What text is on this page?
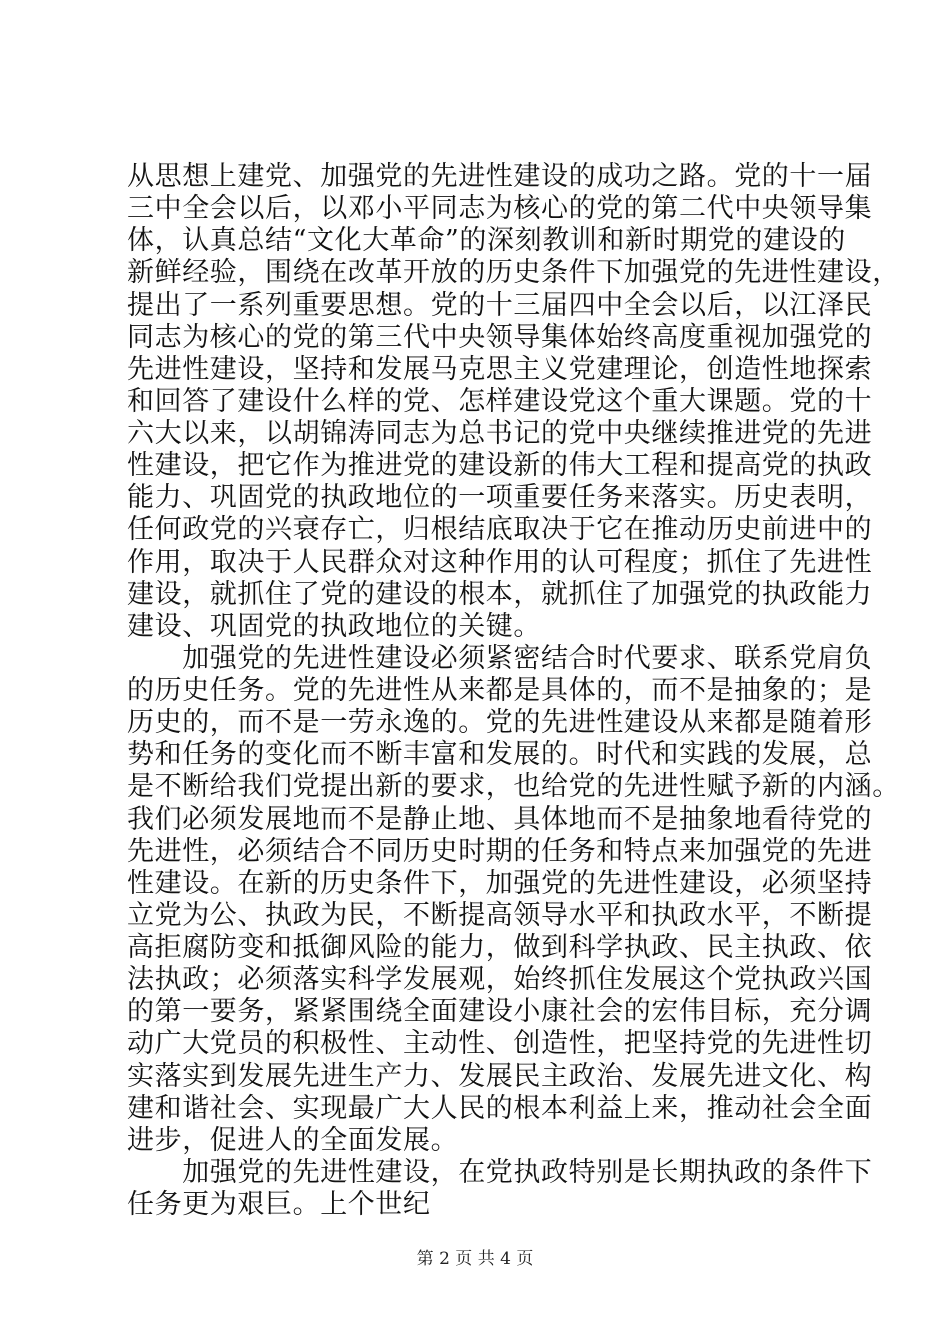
从思想上建党、加强党的先进性建设的成功之路。党的十一届
三中全会以后，以邓小平同志为核心的党的第二代中央领导集
体，认真总结“文化大革命”的深刻教训和新时期党的建设的
新鲜经验，围绕在改革开放的历史条件下加强党的先进性建设，
提出了一系列重要思想。党的十三届四中全会以后，以江泽民
同志为核心的党的第三代中央领导集体始终高度重视加强党的
先进性建设，坚持和发展马克思主义党建理论，创造性地探索
和回答了建设什么样的党、怎样建设党这个重大课题。党的十
六大以来，以胡锦涛同志为总书记的党中央继续推进党的先进
性建设，把它作为推进党的建设新的伟大工程和提高党的执政
能力、巩固党的执政地位的一项重要任务来落实。历史表明，
任何政党的兴衰存亡，归根结底取决于它在推动历史前进中的
作用，取决于人民群众对这种作用的认可程度；抓住了先进性
建设，就抓住了党的建设的根本，就抓住了加强党的执政能力
建设、巩固党的执政地位的关键。
　　加强党的先进性建设必须紧密结合时代要求、联系党肩负
的历史任务。党的先进性从来都是具体的，而不是抽象的；是
历史的，而不是一劳永逸的。党的先进性建设从来都是随着形
势和任务的变化而不断丰富和发展的。时代和实践的发展，总
是不断给我们党提出新的要求，也给党的先进性赋予新的内涵。
我们必须发展地而不是静止地、具体地而不是抽象地看待党的
先进性，必须结合不同历史时期的任务和特点来加强党的先进
性建设。在新的历史条件下，加强党的先进性建设，必须坚持
立党为公、执政为民，不断提高领导水平和执政水平，不断提
高拒腐防变和抵御风险的能力，做到科学执政、民主执政、依
法执政；必须落实科学发展观，始终抓住发展这个党执政兴国
的第一要务，紧紧围绕全面建设小康社会的宏伟目标，充分调
动广大党员的积极性、主动性、创造性，把坚持党的先进性切
实落实到发展先进生产力、发展民主政治、发展先进文化、构
建和谐社会、实现最广大人民的根本利益上来，推动社会全面
进步，促进人的全面发展。
　　加强党的先进性建设，在党执政特别是长期执政的条件下
任务更为艰巨。上个世纪
第 2 页 共 4 页
